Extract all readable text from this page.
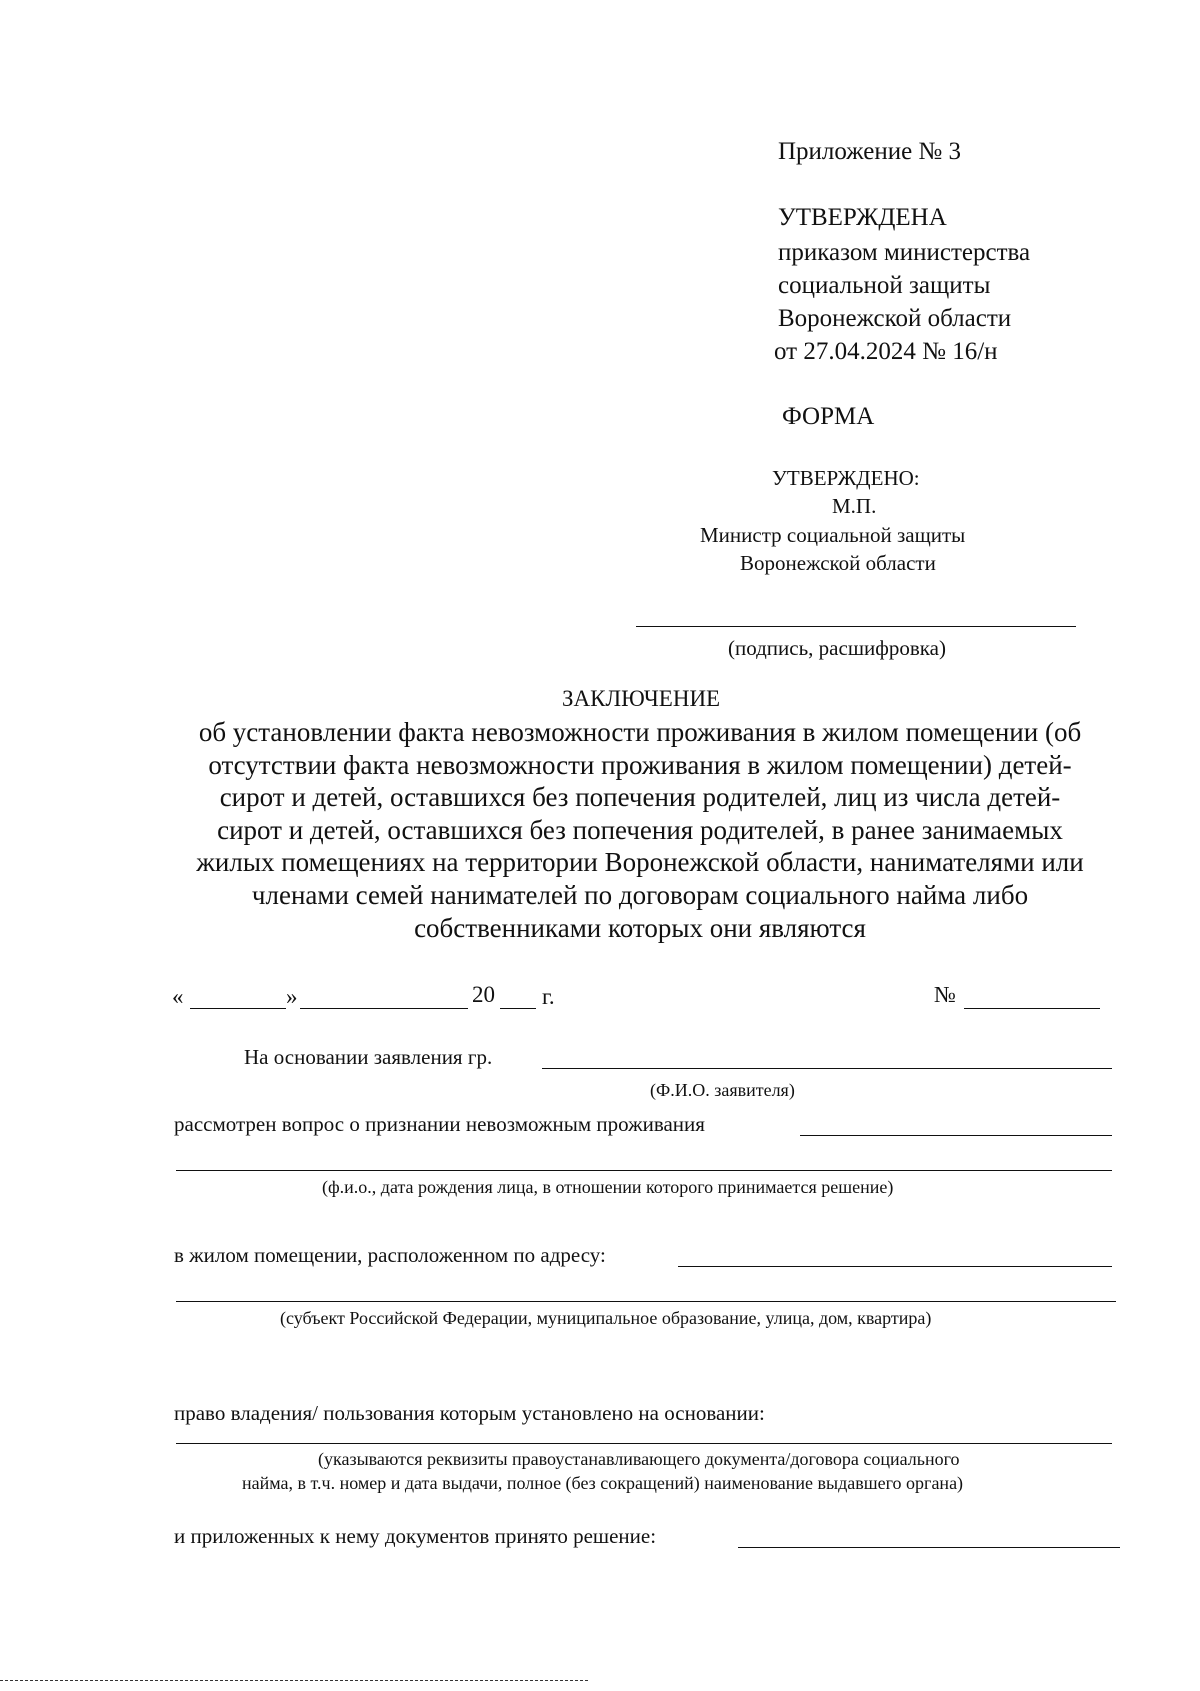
Приложение № 3
УТВЕРЖДЕНА
приказом министерства
социальной защиты
Воронежской области
от 27.04.2024 № 16/н
ФОРМА
УТВЕРЖДЕНО:
М.П.
Министр социальной защиты
Воронежской области
(подпись, расшифровка)
ЗАКЛЮЧЕНИЕ
об установлении факта невозможности проживания в жилом помещении (об
отсутствии факта невозможности проживания в жилом помещении) детей-
сирот и детей, оставшихся без попечения родителей, лиц из числа детей-
сирот и детей, оставшихся без попечения родителей, в ранее занимаемых
жилых помещениях на территории Воронежской области, нанимателями или
членами семей нанимателей по договорам социального найма либо
собственниками которых они являются
«	»	20 г.	№
На основании заявления гр.
(Ф.И.О. заявителя)
рассмотрен вопрос о признании невозможным проживания
(ф.и.о., дата рождения лица, в отношении которого принимается решение)
в жилом помещении, расположенном по адресу:
(субъект Российской Федерации, муниципальное образование, улица, дом, квартира)
право владения/ пользования которым установлено на основании:
(указываются реквизиты правоустанавливающего документа/договора социального
найма, в т.ч. номер и дата выдачи, полное (без сокращений) наименование выдавшего органа)
и приложенных к нему документов принято решение:
